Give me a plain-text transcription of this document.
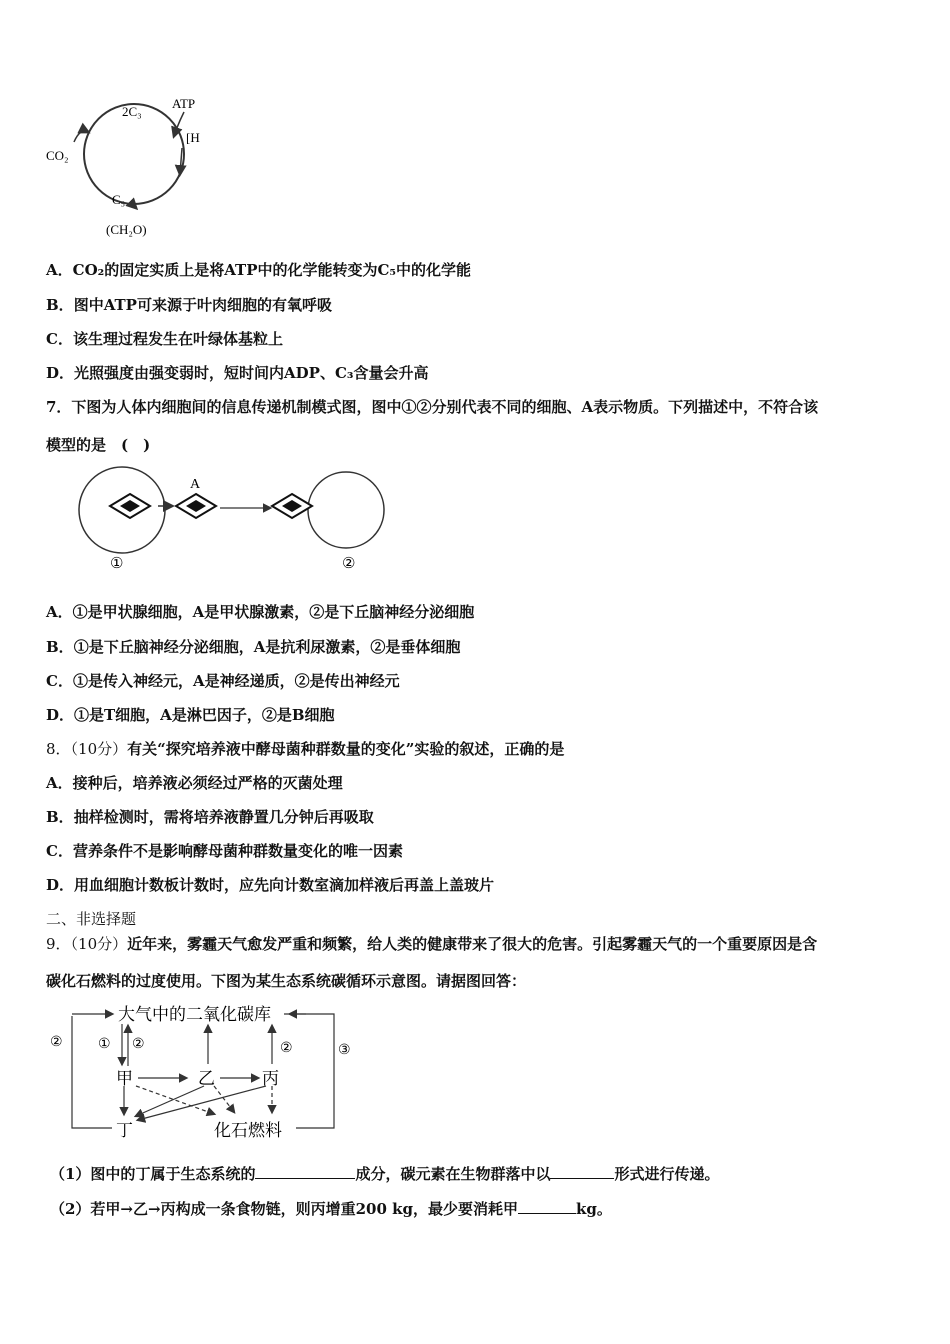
2C₃
ATP
[H
CO₂
C₅
(CH₂O)
A．CO₂的固定实质上是将ATP中的化学能转变为C₅中的化学能
B．图中ATP可来源于叶肉细胞的有氧呼吸
C．该生理过程发生在叶绿体基粒上
D．光照强度由强变弱时，短时间内ADP、C₃含量会升高
7．下图为人体内细胞间的信息传递机制模式图，图中①②分别代表不同的细胞、A表示物质。下列描述中，不符合该
模型的是　(　)
A
①	②
A．①是甲状腺细胞，A是甲状腺激素，②是下丘脑神经分泌细胞
B．①是下丘脑神经分泌细胞，A是抗利尿激素，②是垂体细胞
C．①是传入神经元，A是神经递质，②是传出神经元
D．①是T细胞，A是淋巴因子，②是B细胞
8．（10分）有关“探究培养液中酵母菌种群数量的变化”实验的叙述，正确的是
A．接种后，培养液必须经过严格的灭菌处理
B．抽样检测时，需将培养液静置几分钟后再吸取
C．营养条件不是影响酵母菌种群数量变化的唯一因素
D．用血细胞计数板计数时，应先向计数室滴加样液后再盖上盖玻片
二、非选择题
9．（10分）近年来，雾霾天气愈发严重和频繁，给人类的健康带来了很大的危害。引起雾霾天气的一个重要原因是含
碳化石燃料的过度使用。下图为某生态系统碳循环示意图。请据图回答：
大气中的二氧化碳库
甲	乙	丙
丁	化石燃料
②	① ②	②	③
（1）图中的丁属于生态系统的	成分，碳元素在生物群落中以	形式进行传递。
（2）若甲→乙→丙构成一条食物链，则丙增重200 kg，最少要消耗甲	kg。
